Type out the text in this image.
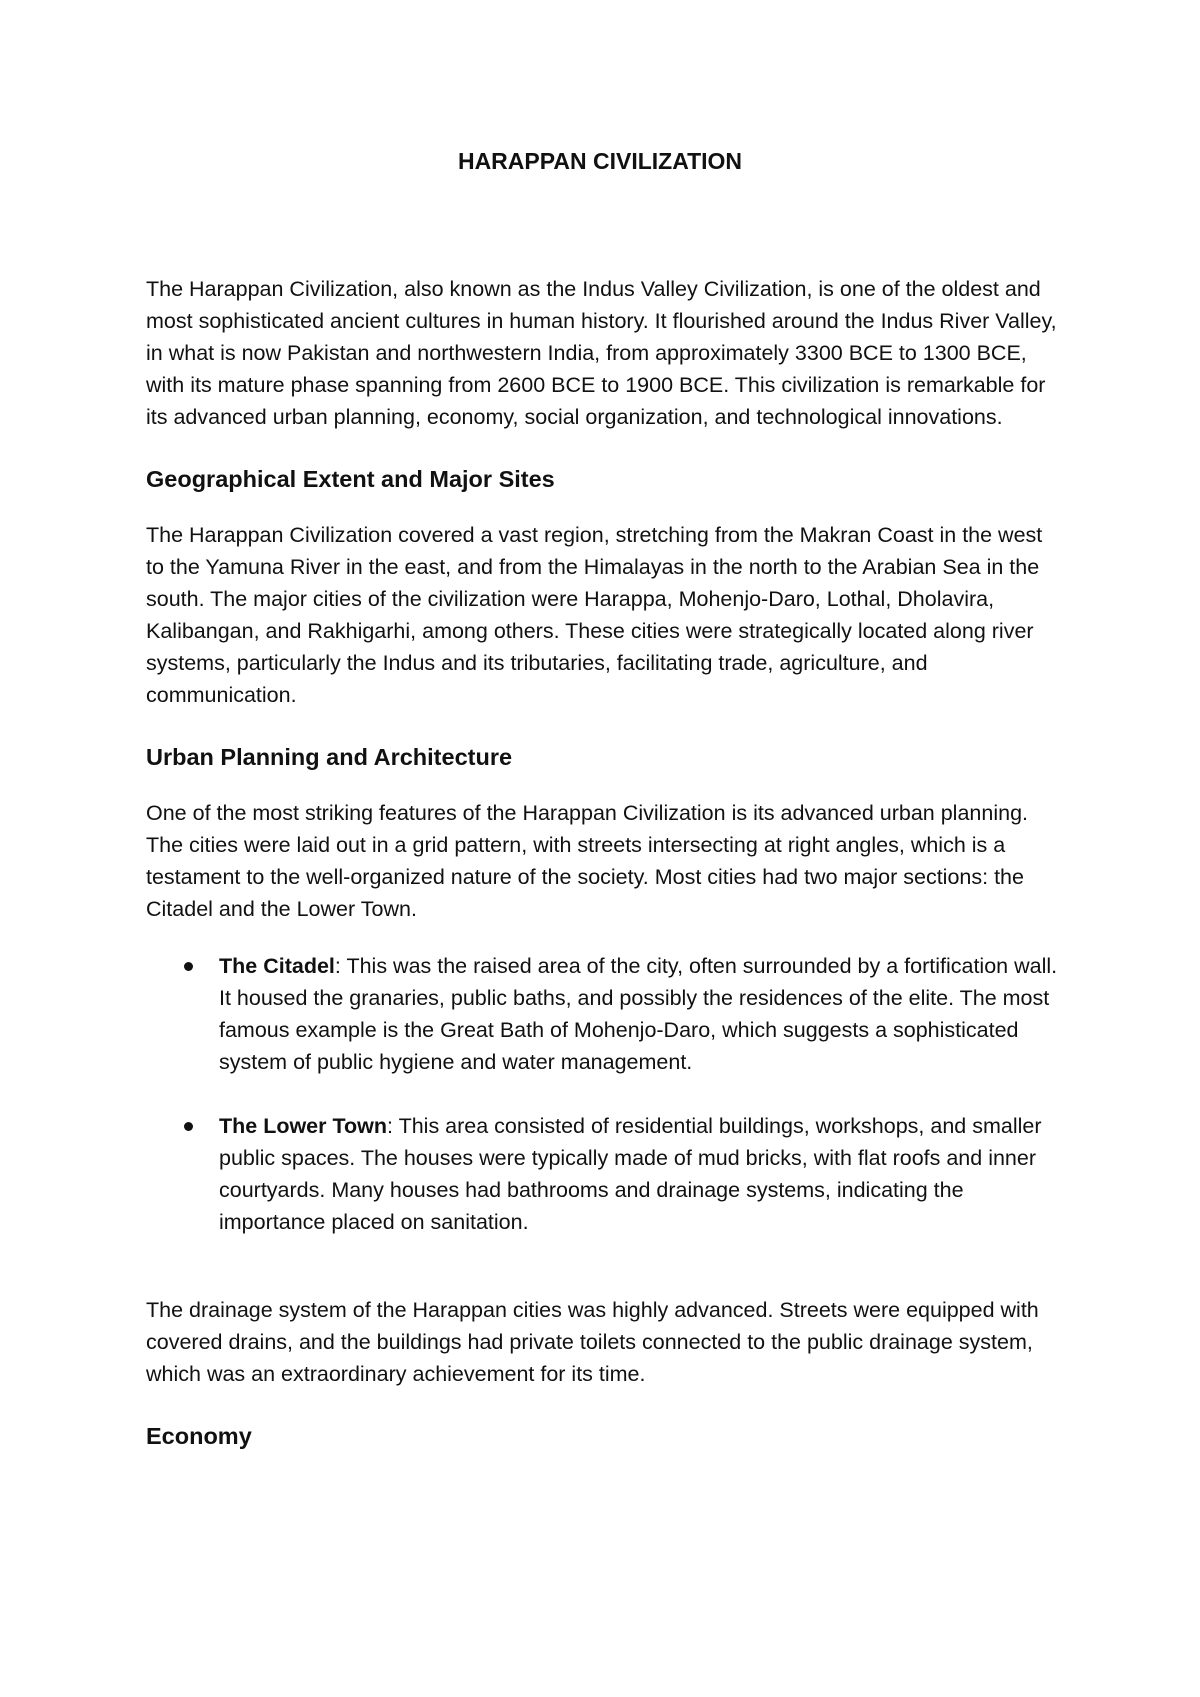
HARAPPAN CIVILIZATION

The Harappan Civilization, also known as the Indus Valley Civilization, is one of the oldest and most sophisticated ancient cultures in human history. It flourished around the Indus River Valley, in what is now Pakistan and northwestern India, from approximately 3300 BCE to 1300 BCE, with its mature phase spanning from 2600 BCE to 1900 BCE. This civilization is remarkable for its advanced urban planning, economy, social organization, and technological innovations.

Geographical Extent and Major Sites

The Harappan Civilization covered a vast region, stretching from the Makran Coast in the west to the Yamuna River in the east, and from the Himalayas in the north to the Arabian Sea in the south. The major cities of the civilization were Harappa, Mohenjo-Daro, Lothal, Dholavira, Kalibangan, and Rakhigarhi, among others. These cities were strategically located along river systems, particularly the Indus and its tributaries, facilitating trade, agriculture, and communication.

Urban Planning and Architecture

One of the most striking features of the Harappan Civilization is its advanced urban planning. The cities were laid out in a grid pattern, with streets intersecting at right angles, which is a testament to the well-organized nature of the society. Most cities had two major sections: the Citadel and the Lower Town.

The Citadel: This was the raised area of the city, often surrounded by a fortification wall. It housed the granaries, public baths, and possibly the residences of the elite. The most famous example is the Great Bath of Mohenjo-Daro, which suggests a sophisticated system of public hygiene and water management.
The Lower Town: This area consisted of residential buildings, workshops, and smaller public spaces. The houses were typically made of mud bricks, with flat roofs and inner courtyards. Many houses had bathrooms and drainage systems, indicating the importance placed on sanitation.

The drainage system of the Harappan cities was highly advanced. Streets were equipped with covered drains, and the buildings had private toilets connected to the public drainage system, which was an extraordinary achievement for its time.

Economy
